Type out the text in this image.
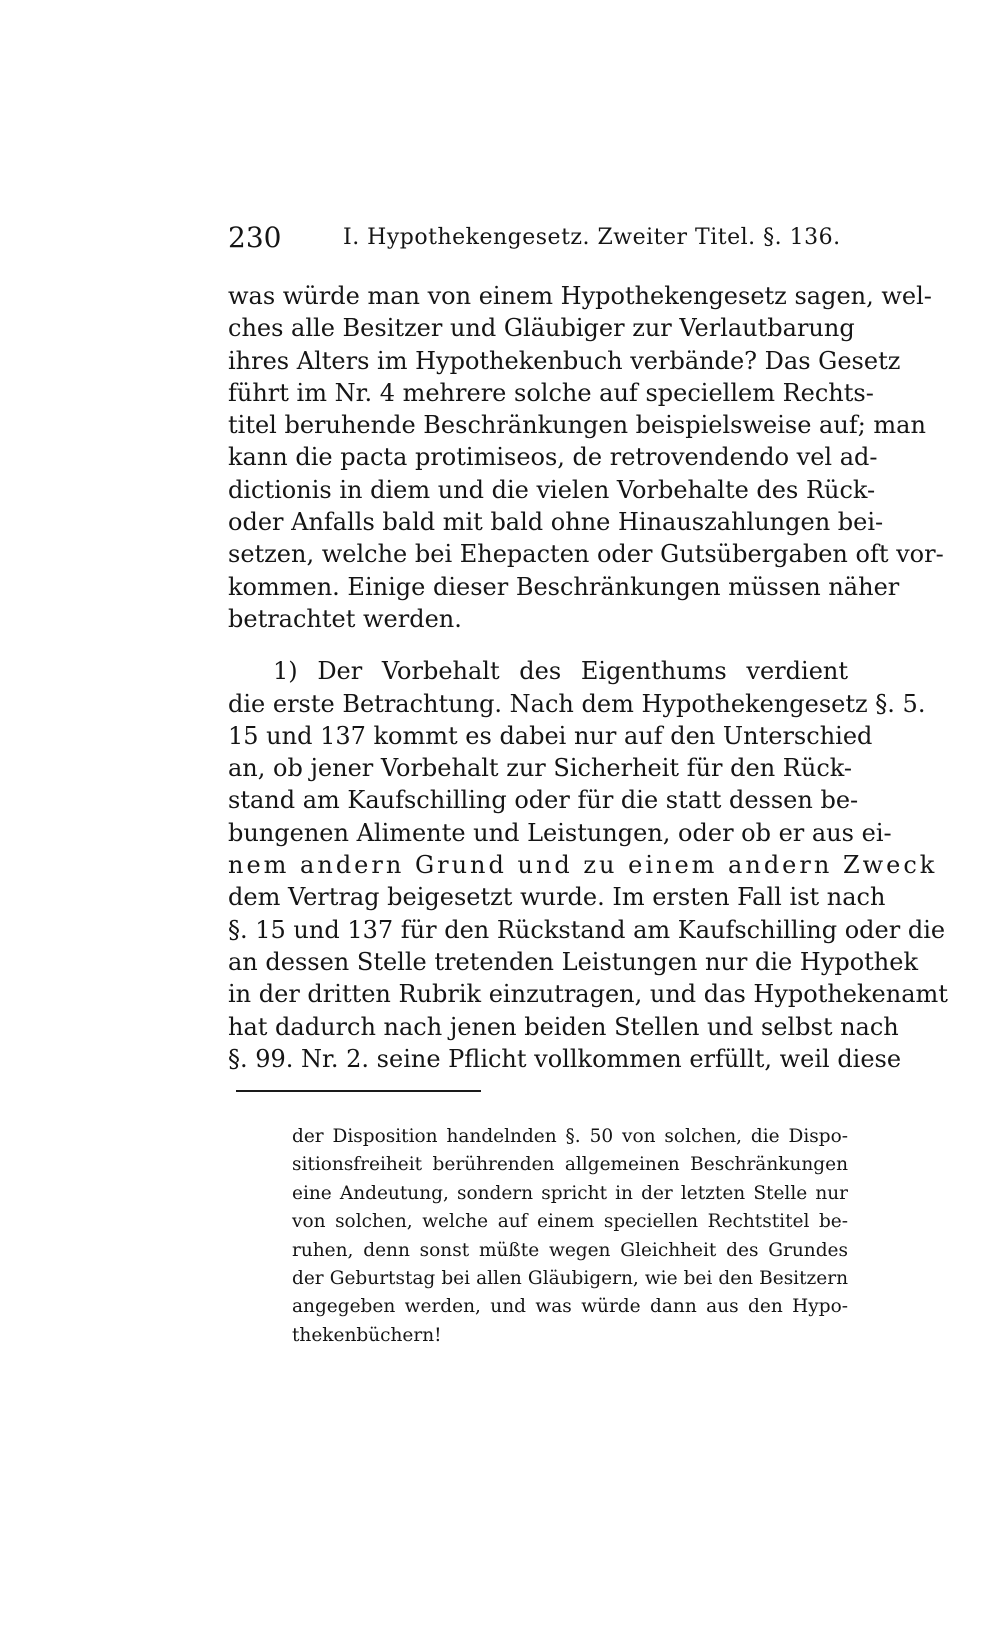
230	I. Hypothekengesetz. Zweiter Titel. §. 136.
was würde man von einem Hypothekengesetz sagen, wel-
ches alle Besitzer und Gläubiger zur Verlautbarung
ihres Alters im Hypothekenbuch verbände? Das Gesetz
führt im Nr. 4 mehrere solche auf speciellem Rechts-
titel beruhende Beschränkungen beispielsweise auf; man
kann die pacta protimiseos, de retrovendendo vel ad-
dictionis in diem und die vielen Vorbehalte des Rück-
oder Anfalls bald mit bald ohne Hinauszahlungen bei-
setzen, welche bei Ehepacten oder Gutsübergaben oft vor-
kommen. Einige dieser Beschränkungen müssen näher
betrachtet werden.
1) Der Vorbehalt des Eigenthums verdient
die erste Betrachtung. Nach dem Hypothekengesetz §. 5.
15 und 137 kommt es dabei nur auf den Unterschied
an, ob jener Vorbehalt zur Sicherheit für den Rück-
stand am Kaufschilling oder für die statt dessen be-
bungenen Alimente und Leistungen, oder ob er aus ei-
nem andern Grund und zu einem andern Zweck
dem Vertrag beigesetzt wurde. Im ersten Fall ist nach
§. 15 und 137 für den Rückstand am Kaufschilling oder die
an dessen Stelle tretenden Leistungen nur die Hypothek
in der dritten Rubrik einzutragen, und das Hypothekenamt
hat dadurch nach jenen beiden Stellen und selbst nach
§. 99. Nr. 2. seine Pflicht vollkommen erfüllt, weil diese
der Disposition handelnden §. 50 von solchen, die Dispo-
sitionsfreiheit berührenden allgemeinen Beschränkungen
eine Andeutung, sondern spricht in der letzten Stelle nur
von solchen, welche auf einem speciellen Rechtstitel be-
ruhen, denn sonst müßte wegen Gleichheit des Grundes
der Geburtstag bei allen Gläubigern, wie bei den Besitzern
angegeben werden, und was würde dann aus den Hypo-
thekenbüchern!
